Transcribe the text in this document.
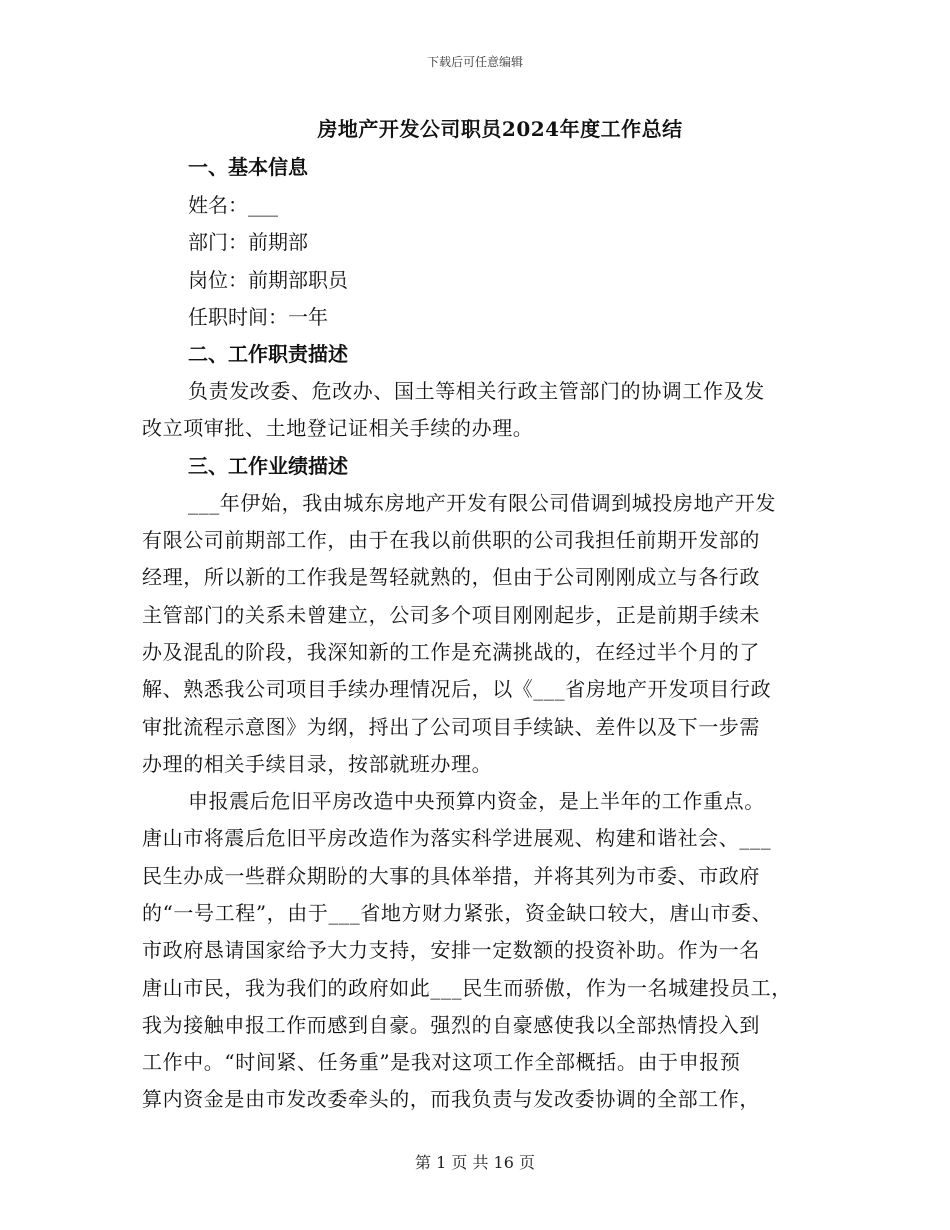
下载后可任意编辑
房地产开发公司职员2024年度工作总结
一、基本信息
姓名：___
部门：前期部
岗位：前期部职员
任职时间：一年
二、工作职责描述
负责发改委、危改办、国土等相关行政主管部门的协调工作及发
改立项审批、土地登记证相关手续的办理。
三、工作业绩描述
___年伊始，我由城东房地产开发有限公司借调到城投房地产开发
有限公司前期部工作，由于在我以前供职的公司我担任前期开发部的
经理，所以新的工作我是驾轻就熟的，但由于公司刚刚成立与各行政
主管部门的关系未曾建立，公司多个项目刚刚起步，正是前期手续未
办及混乱的阶段，我深知新的工作是充满挑战的，在经过半个月的了
解、熟悉我公司项目手续办理情况后，以《___省房地产开发项目行政
审批流程示意图》为纲，捋出了公司项目手续缺、差件以及下一步需
办理的相关手续目录，按部就班办理。
申报震后危旧平房改造中央预算内资金，是上半年的工作重点。
唐山市将震后危旧平房改造作为落实科学进展观、构建和谐社会、___
民生办成一些群众期盼的大事的具体举措，并将其列为市委、市政府
的“一号工程”，由于___省地方财力紧张，资金缺口较大，唐山市委、
市政府恳请国家给予大力支持，安排一定数额的投资补助。作为一名
唐山市民，我为我们的政府如此___民生而骄傲，作为一名城建投员工，
我为接触申报工作而感到自豪。强烈的自豪感使我以全部热情投入到
工作中。“时间紧、任务重”是我对这项工作全部概括。由于申报预
算内资金是由市发改委牵头的，而我负责与发改委协调的全部工作，
第 1 页 共 16 页
